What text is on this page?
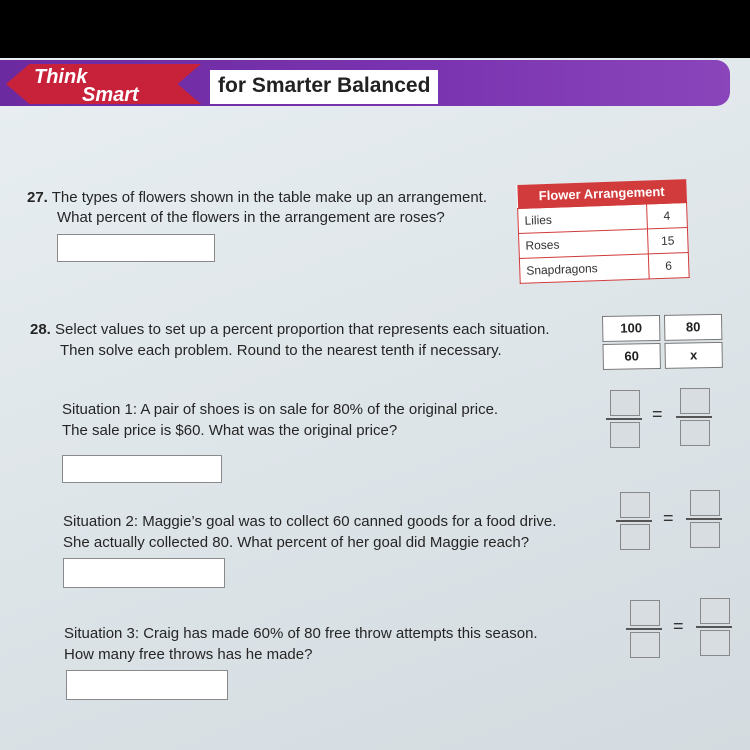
Think
Smart	for Smarter Balanced
27. The types of flowers shown in the table make up an arrangement.
What percent of the flowers in the arrangement are roses?
Flower Arrangement	
Lilies	4
Roses	15
Snapdragons	6
28. Select values to set up a percent proportion that represents each situation.
Then solve each problem. Round to the nearest tenth if necessary.
100	80
60	x
Situation 1: A pair of shoes is on sale for 80% of the original price.
The sale price is $60. What was the original price?
=
Situation 2: Maggie’s goal was to collect 60 canned goods for a food drive.
She actually collected 80. What percent of her goal did Maggie reach?
=
Situation 3: Craig has made 60% of 80 free throw attempts this season.
How many free throws has he made?
=
